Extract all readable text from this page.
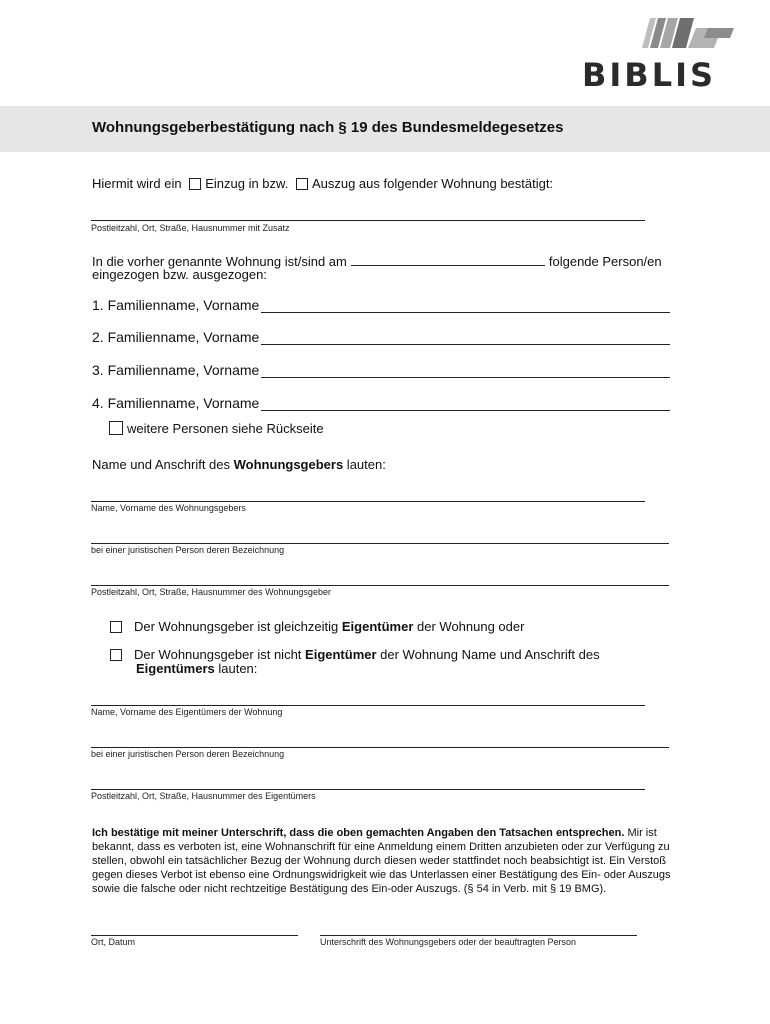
BIBLIS
Wohnungsgeberbestätigung nach § 19 des Bundesmeldegesetzes
Hiermit wird ein Einzug in bzw. Auszug aus folgender Wohnung bestätigt:
Postleitzahl, Ort, Straße, Hausnummer mit Zusatz
In die vorher genannte Wohnung ist/sind am	folgende Person/en
eingezogen bzw. ausgezogen:
1. Familienname, Vorname
2. Familienname, Vorname
3. Familienname, Vorname
4. Familienname, Vorname
weitere Personen siehe Rückseite
Name und Anschrift des Wohnungsgebers lauten:
Name, Vorname des Wohnungsgebers
bei einer juristischen Person deren Bezeichnung
Postleitzahl, Ort, Straße, Hausnummer des Wohnungsgeber
Der Wohnungsgeber ist gleichzeitig Eigentümer der Wohnung oder
Der Wohnungsgeber ist nicht Eigentümer der Wohnung Name und Anschrift des
Eigentümers lauten:
Name, Vorname des Eigentümers der Wohnung
bei einer juristischen Person deren Bezeichnung
Postleitzahl, Ort, Straße, Hausnummer des Eigentümers
Ich bestätige mit meiner Unterschrift, dass die oben gemachten Angaben den Tatsachen entsprechen. Mir ist bekannt, dass es verboten ist, eine Wohnanschrift für eine Anmeldung einem Dritten anzubieten oder zur Verfügung zu stellen, obwohl ein tatsächlicher Bezug der Wohnung durch diesen weder stattfindet noch beabsichtigt ist. Ein Verstoß gegen dieses Verbot ist ebenso eine Ordnungswidrigkeit wie das Unterlassen einer Bestätigung des Ein- oder Auszugs sowie die falsche oder nicht rechtzeitige Bestätigung des Ein-oder Auszugs. (§ 54 in Verb. mit § 19 BMG).
Ort, Datum	Unterschrift des Wohnungsgebers oder der beauftragten Person
